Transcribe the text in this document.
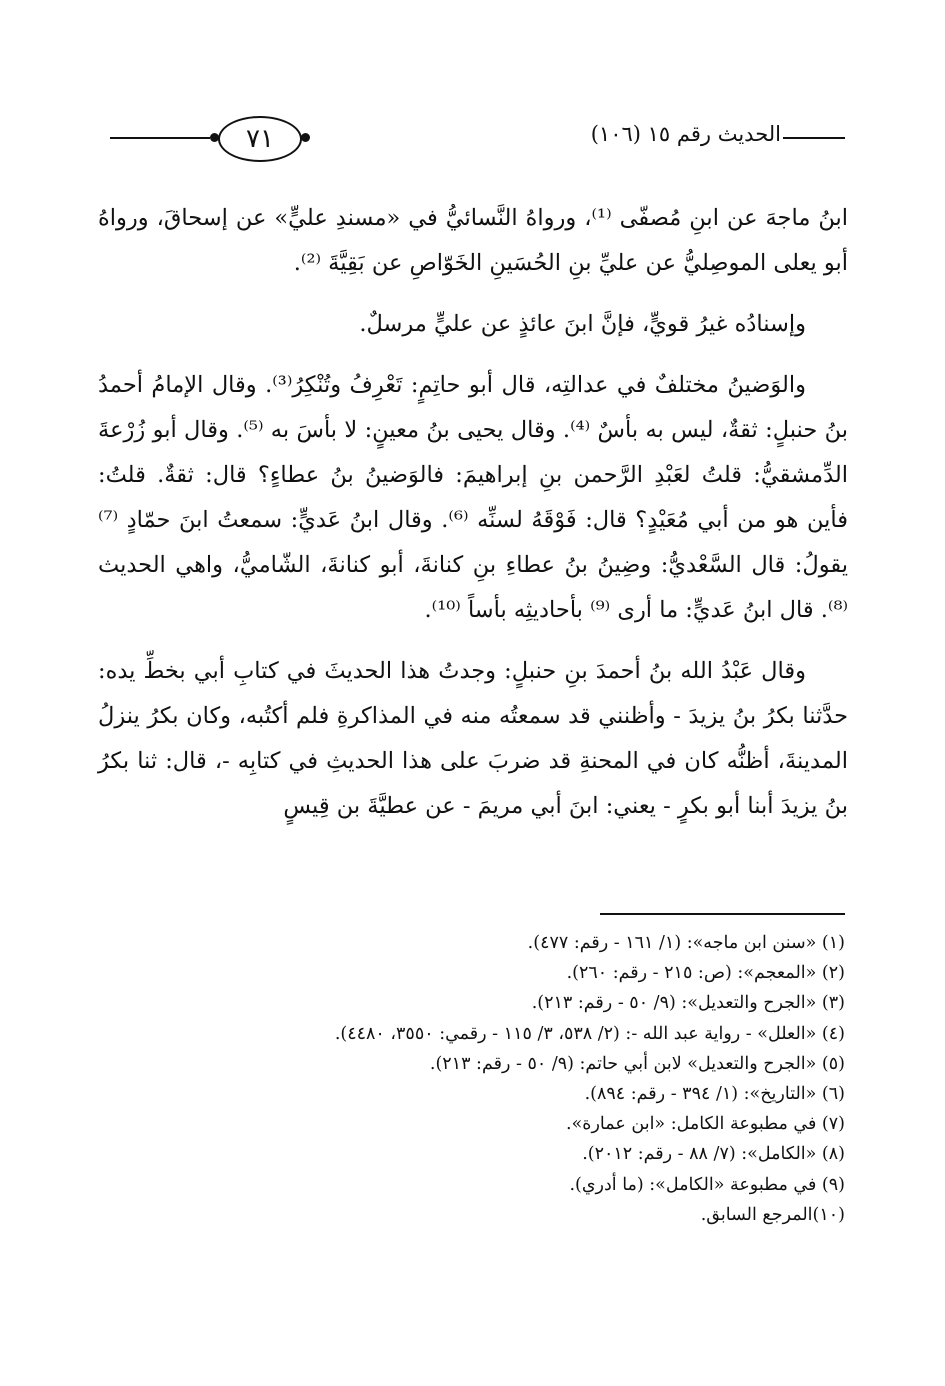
٧١	الحديث رقم ١٥ (١٠٦)

ابنُ ماجهَ عن ابنِ مُصفّى ⁽¹⁾، ورواهُ النَّسائيُّ في «مسندِ عليٍّ» عن إسحاقَ، ورواهُ أبو يعلى الموصِليُّ عن عليِّ بنِ الحُسَينِ الخَوّاصِ عن بَقِيَّةَ ⁽²⁾.

وإسنادُه غيرُ قويٍّ، فإنَّ ابنَ عائذٍ عن عليٍّ مرسلٌ.

والوَضينُ مختلفٌ في عدالتِه، قال أبو حاتِمٍ: تَعْرِفُ وتُنْكِرُ⁽³⁾. وقال الإمامُ أحمدُ بنُ حنبلٍ: ثقةٌ، ليس به بأسٌ ⁽⁴⁾. وقال يحيى بنُ معينٍ: لا بأسَ به ⁽⁵⁾. وقال أبو زُرْعةَ الدِّمشقيُّ: قلتُ لعَبْدِ الرَّحمن بنِ إبراهيمَ: فالوَضينُ بنُ عطاءٍ؟ قال: ثقةٌ. قلتُ: فأين هو من أبي مُعَيْدٍ؟ قال: فَوْقَهُ لسنِّه ⁽⁶⁾. وقال ابنُ عَديٍّ: سمعتُ ابنَ حمّادٍ ⁽⁷⁾ يقولُ: قال السَّعْديُّ: وضِينُ بنُ عطاءِ بنِ كنانةَ، أبو كنانةَ، الشّاميُّ، واهي الحديث ⁽⁸⁾. قال ابنُ عَديٍّ: ما أرى ⁽⁹⁾ بأحاديثِه بأساً ⁽¹⁰⁾.

وقال عَبْدُ الله بنُ أحمدَ بنِ حنبلٍ: وجدتُ هذا الحديثَ في كتابِ أبي بخطِّ يده: حدَّثنا بكرُ بنُ يزيدَ - وأظنني قد سمعتُه منه في المذاكرةِ فلم أكتُبه، وكان بكرُ ينزلُ المدينةَ، أظنُّه كان في المحنةِ قد ضربَ على هذا الحديثِ في كتابِه -، قال: ثنا بكرُ بنُ يزيدَ أبنا أبو بكرٍ - يعني: ابنَ أبي مريمَ - عن عطيَّةَ بن قِيسٍ

(١) «سنن ابن ماجه»: (١/ ١٦١ - رقم: ٤٧٧).
(٢) «المعجم»: (ص: ٢١٥ - رقم: ٢٦٠).
(٣) «الجرح والتعديل»: (٩/ ٥٠ - رقم: ٢١٣).
(٤) «العلل» - رواية عبد الله -: (٢/ ٥٣٨، ٣/ ١١٥ - رقمي: ٣٥٥٠، ٤٤٨٠).
(٥) «الجرح والتعديل» لابن أبي حاتم: (٩/ ٥٠ - رقم: ٢١٣).
(٦) «التاريخ»: (١/ ٣٩٤ - رقم: ٨٩٤).
(٧) في مطبوعة الكامل: «ابن عمارة».
(٨) «الكامل»: (٧/ ٨٨ - رقم: ٢٠١٢).
(٩) في مطبوعة «الكامل»: (ما أدري).
(١٠)المرجع السابق.
